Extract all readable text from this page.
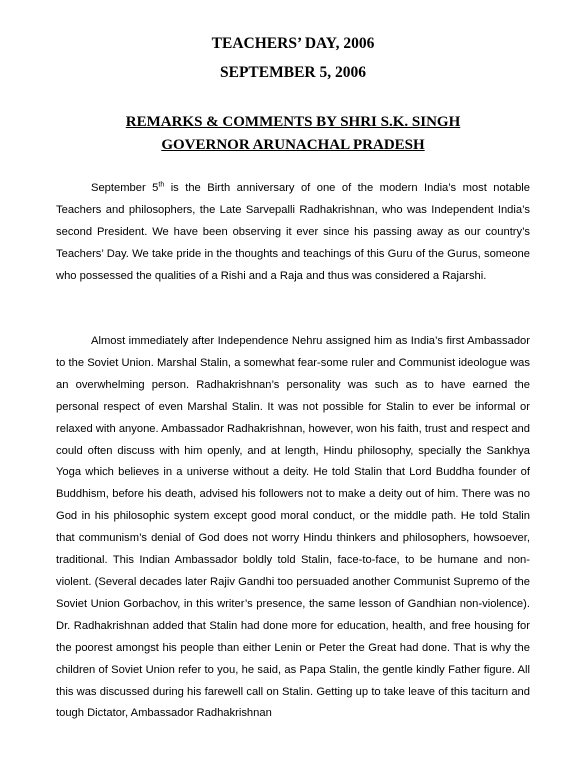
TEACHERS’ DAY, 2006
SEPTEMBER 5, 2006
REMARKS & COMMENTS BY SHRI S.K. SINGH
GOVERNOR ARUNACHAL PRADESH

September 5th is the Birth anniversary of one of the modern India’s most notable Teachers and philosophers, the Late Sarvepalli Radhakrishnan, who was Independent India’s second President. We have been observing it ever since his passing away as our country’s Teachers’ Day. We take pride in the thoughts and teachings of this Guru of the Gurus, someone who possessed the qualities of a Rishi and a Raja and thus was considered a Rajarshi.

Almost immediately after Independence Nehru assigned him as India’s first Ambassador to the Soviet Union. Marshal Stalin, a somewhat fear-some ruler and Communist ideologue was an overwhelming person. Radhakrishnan’s personality was such as to have earned the personal respect of even Marshal Stalin. It was not possible for Stalin to ever be informal or relaxed with anyone. Ambassador Radhakrishnan, however, won his faith, trust and respect and could often discuss with him openly, and at length, Hindu philosophy, specially the Sankhya Yoga which believes in a universe without a deity. He told Stalin that Lord Buddha founder of Buddhism, before his death, advised his followers not to make a deity out of him. There was no God in his philosophic system except good moral conduct, or the middle path. He told Stalin that communism’s denial of God does not worry Hindu thinkers and philosophers, howsoever, traditional. This Indian Ambassador boldly told Stalin, face-to-face, to be humane and non-violent. (Several decades later Rajiv Gandhi too persuaded another Communist Supremo of the Soviet Union Gorbachov, in this writer’s presence, the same lesson of Gandhian non-violence). Dr. Radhakrishnan added that Stalin had done more for education, health, and free housing for the poorest amongst his people than either Lenin or Peter the Great had done. That is why the children of Soviet Union refer to you, he said, as Papa Stalin, the gentle kindly Father figure. All this was discussed during his farewell call on Stalin. Getting up to take leave of this taciturn and tough Dictator, Ambassador Radhakrishnan
